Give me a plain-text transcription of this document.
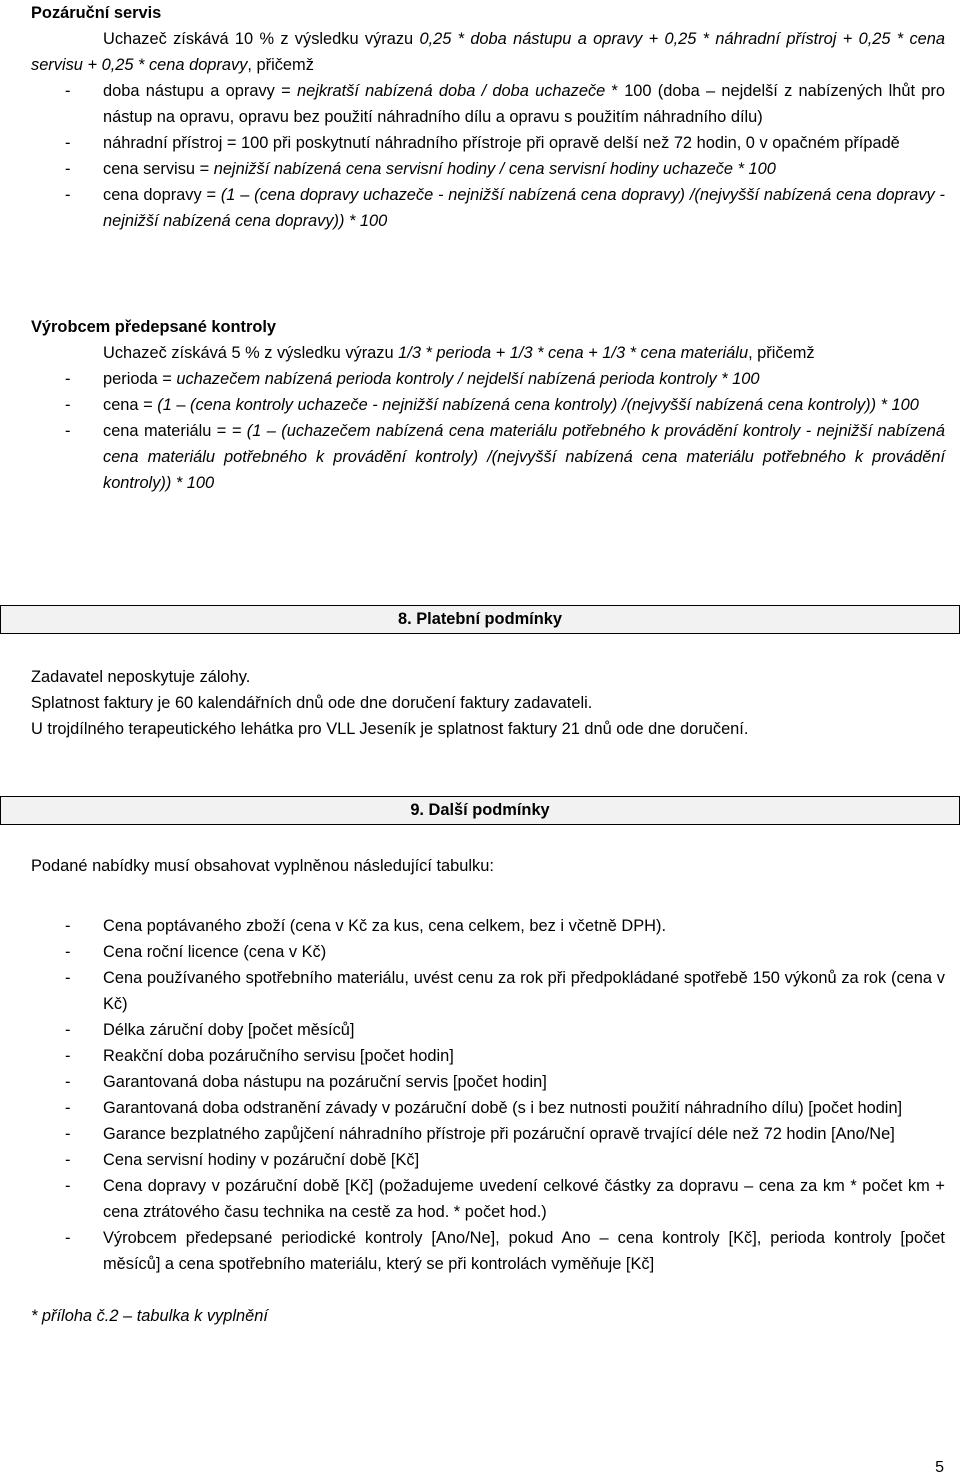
Pozáruční servis
Uchazeč získává 10 % z výsledku výrazu 0,25 * doba nástupu a opravy + 0,25 * náhradní přístroj + 0,25 * cena servisu + 0,25 * cena dopravy, přičemž
- doba nástupu a opravy = nejkratší nabízená doba / doba uchazeče * 100 (doba – nejdelší z nabízených lhůt pro nástup na opravu, opravu bez použití náhradního dílu a opravu s použitím náhradního dílu)
- náhradní přístroj = 100 při poskytnutí náhradního přístroje při opravě delší než 72 hodin, 0 v opačném případě
- cena servisu = nejnižší nabízená cena servisní hodiny / cena servisní hodiny uchazeče * 100
- cena dopravy = (1 – (cena dopravy uchazeče - nejnižší nabízená cena dopravy) /(nejvyšší nabízená cena dopravy - nejnižší nabízená cena dopravy)) * 100
Výrobcem předepsané kontroly
Uchazeč získává 5 % z výsledku výrazu 1/3 * perioda + 1/3 * cena + 1/3 * cena materiálu, přičemž
- perioda = uchazečem nabízená perioda kontroly / nejdelší nabízená perioda kontroly * 100
- cena = (1 – (cena kontroly uchazeče - nejnižší nabízená cena kontroly) /(nejvyšší nabízená cena kontroly)) * 100
- cena materiálu = = (1 – (uchazečem nabízená cena materiálu potřebného k provádění kontroly - nejnižší nabízená cena materiálu potřebného k provádění kontroly) /(nejvyšší nabízená cena materiálu potřebného k provádění kontroly)) * 100
8. Platební podmínky
Zadavatel neposkytuje zálohy.
Splatnost faktury je 60 kalendářních dnů ode dne doručení faktury zadavateli.
U trojdílného terapeutického lehátka pro VLL Jeseník je splatnost faktury 21 dnů ode dne doručení.
9. Další podmínky
Podané nabídky musí obsahovat vyplněnou následující tabulku:
- Cena poptávaného zboží (cena v Kč za kus, cena celkem, bez i včetně DPH).
- Cena roční licence (cena v Kč)
- Cena používaného spotřebního materiálu, uvést cenu za rok při předpokládané spotřebě 150 výkonů za rok (cena v Kč)
- Délka záruční doby [počet měsíců]
- Reakční doba pozáručního servisu [počet hodin]
- Garantovaná doba nástupu na pozáruční servis [počet hodin]
- Garantovaná doba odstranění závady v pozáruční době (s i bez nutnosti použití náhradního dílu) [počet hodin]
- Garance bezplatného zapůjčení náhradního přístroje při pozáruční opravě trvající déle než 72 hodin [Ano/Ne]
- Cena servisní hodiny v pozáruční době [Kč]
- Cena dopravy v pozáruční době [Kč] (požadujeme uvedení celkové částky za dopravu – cena za km * počet km + cena ztrátového času technika na cestě za hod. * počet hod.)
- Výrobcem předepsané periodické kontroly [Ano/Ne], pokud Ano – cena kontroly [Kč], perioda kontroly [počet měsíců] a cena spotřebního materiálu, který se při kontrolách vyměňuje [Kč]
* příloha č.2 – tabulka k vyplnění
5
